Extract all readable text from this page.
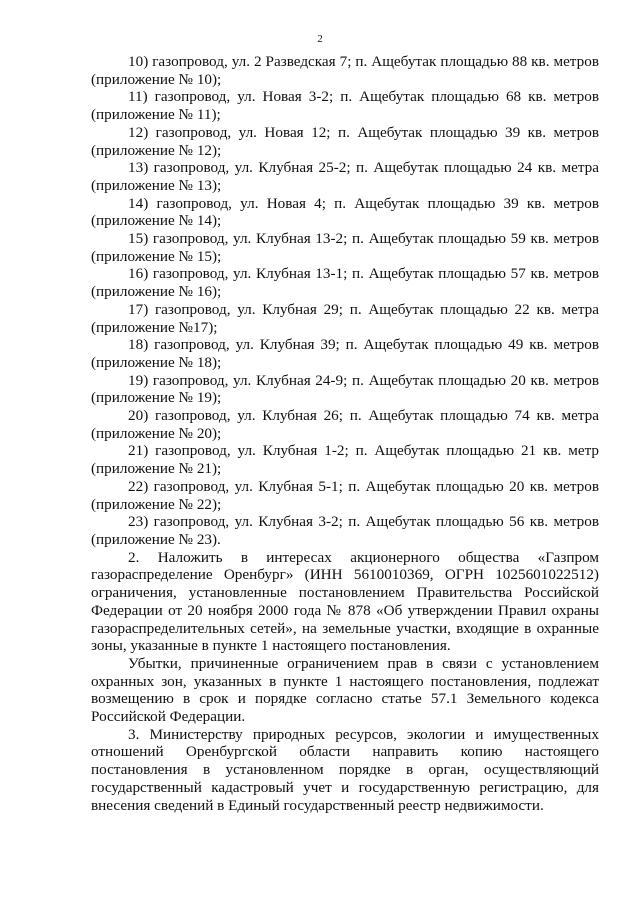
2
10) газопровод, ул. 2 Разведская 7; п. Ащебутак площадью 88 кв. метров (приложение № 10);
11) газопровод, ул. Новая 3-2; п. Ащебутак площадью 68 кв. метров (приложение № 11);
12) газопровод, ул. Новая 12; п. Ащебутак площадью 39 кв. метров (приложение № 12);
13) газопровод, ул. Клубная 25-2; п. Ащебутак площадью 24 кв. метра (приложение № 13);
14) газопровод, ул. Новая 4; п. Ащебутак площадью 39 кв. метров (приложение № 14);
15) газопровод, ул. Клубная 13-2; п. Ащебутак площадью 59 кв. метров (приложение № 15);
16) газопровод, ул. Клубная 13-1; п. Ащебутак площадью 57 кв. метров (приложение № 16);
17) газопровод, ул. Клубная 29; п. Ащебутак площадью 22 кв. метра (приложение №17);
18) газопровод, ул. Клубная 39; п. Ащебутак площадью 49 кв. метров (приложение № 18);
19) газопровод, ул. Клубная 24-9; п. Ащебутак площадью 20 кв. метров (приложение № 19);
20) газопровод, ул. Клубная 26; п. Ащебутак площадью 74 кв. метра (приложение № 20);
21) газопровод, ул. Клубная 1-2; п. Ащебутак площадью 21 кв. метр (приложение № 21);
22) газопровод, ул. Клубная 5-1; п. Ащебутак площадью 20 кв. метров (приложение № 22);
23) газопровод, ул. Клубная 3-2; п. Ащебутак площадью 56 кв. метров (приложение № 23).
2. Наложить в интересах акционерного общества «Газпром газораспределение Оренбург» (ИНН 5610010369, ОГРН 1025601022512) ограничения, установленные постановлением Правительства Российской Федерации от 20 ноября 2000 года № 878 «Об утверждении Правил охраны газораспределительных сетей», на земельные участки, входящие в охранные зоны, указанные в пункте 1 настоящего постановления.
Убытки, причиненные ограничением прав в связи с установлением охранных зон, указанных в пункте 1 настоящего постановления, подлежат возмещению в срок и порядке согласно статье 57.1 Земельного кодекса Российской Федерации.
3. Министерству природных ресурсов, экологии и имущественных отношений Оренбургской области направить копию настоящего постановления в установленном порядке в орган, осуществляющий государственный кадастровый учет и государственную регистрацию, для внесения сведений в Единый государственный реестр недвижимости.
